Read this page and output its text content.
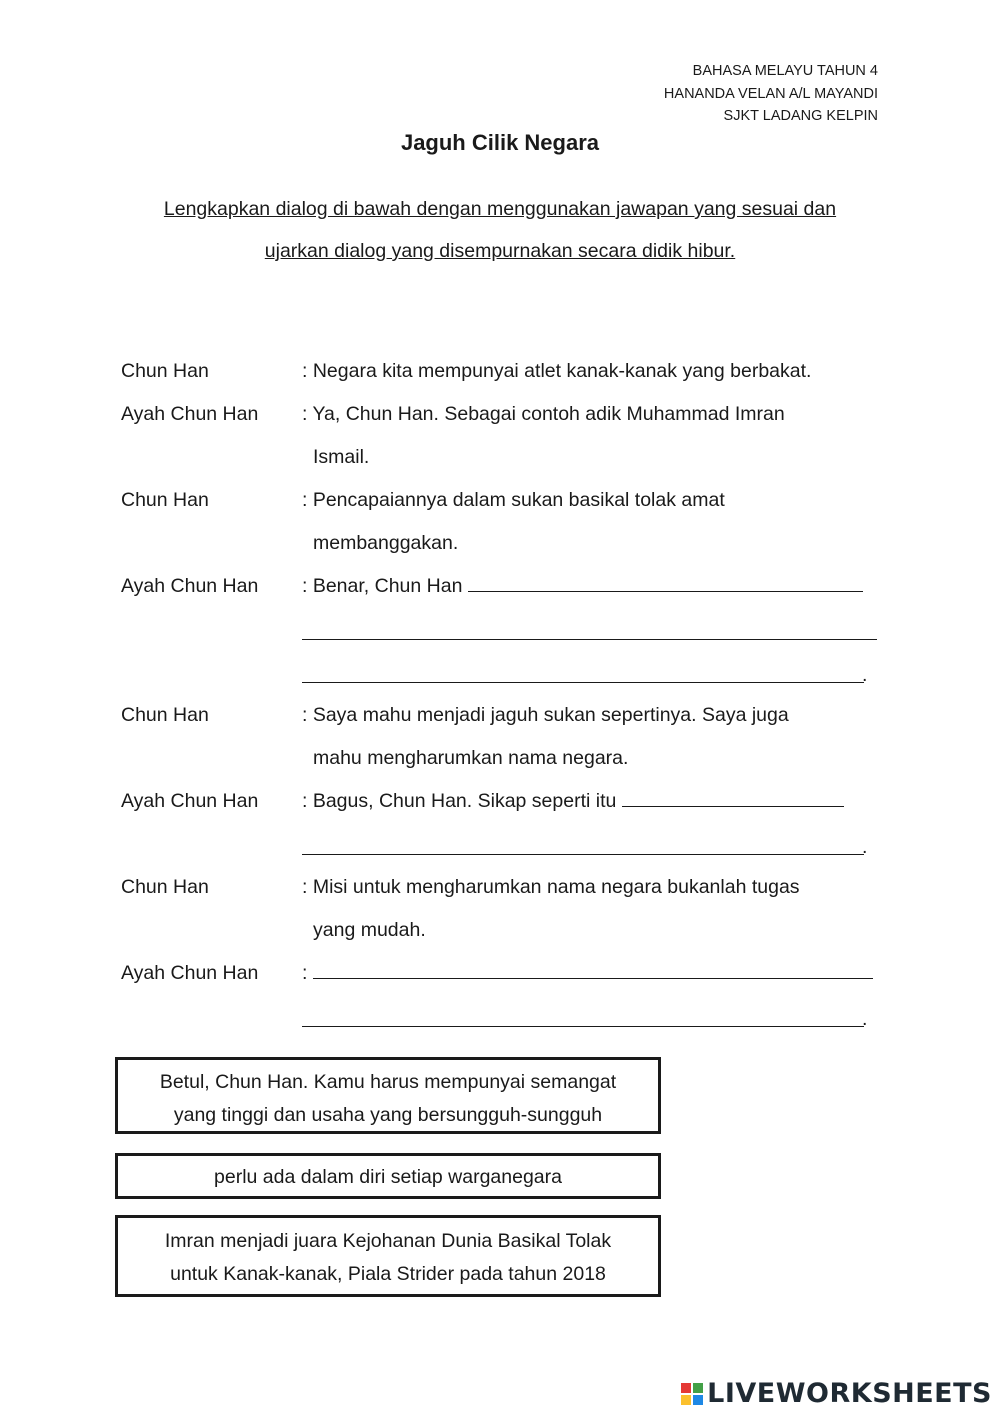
BAHASA MELAYU TAHUN 4
HANANDA VELAN A/L MAYANDI
SJKT LADANG KELPIN
Jaguh Cilik Negara
Lengkapkan dialog di bawah dengan menggunakan jawapan yang sesuai dan
ujarkan dialog yang disempurnakan secara didik hibur.
Chun Han	: Negara kita mempunyai atlet kanak-kanak yang berbakat.
Ayah Chun Han	: Ya, Chun Han. Sebagai contoh adik Muhammad Imran
Ismail.
Chun Han	: Pencapaiannya dalam sukan basikal tolak amat
membanggakan.
Ayah Chun Han	: Benar, Chun Han
.
Chun Han	: Saya mahu menjadi jaguh sukan sepertinya. Saya juga
mahu mengharumkan nama negara.
Ayah Chun Han	: Bagus, Chun Han. Sikap seperti itu
.
Chun Han	: Misi untuk mengharumkan nama negara bukanlah tugas
yang mudah.
Ayah Chun Han	:
.
Betul, Chun Han. Kamu harus mempunyai semangat
yang tinggi dan usaha yang bersungguh-sungguh
perlu ada dalam diri setiap warganegara
Imran menjadi juara Kejohanan Dunia Basikal Tolak
untuk Kanak-kanak, Piala Strider pada tahun 2018
LIVEWORKSHEETS
